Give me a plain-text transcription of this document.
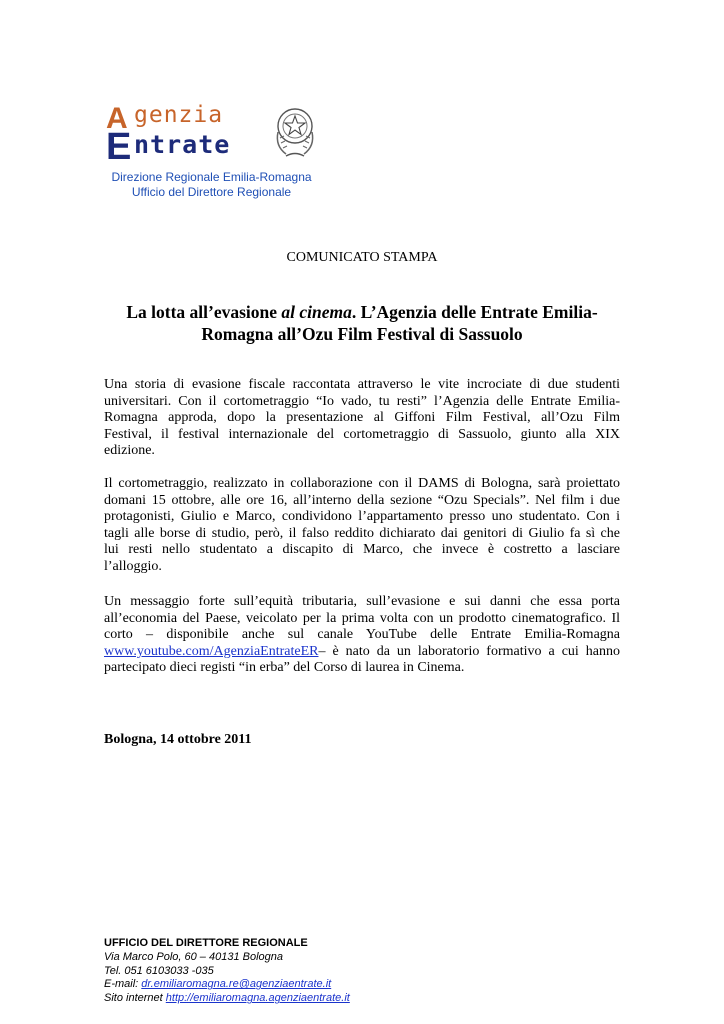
A genzia
E ntrate
Direzione Regionale Emilia-Romagna
Ufficio del Direttore Regionale
COMUNICATO STAMPA
La lotta all’evasione al cinema. L’Agenzia delle Entrate Emilia-
Romagna all’Ozu Film Festival di Sassuolo
Una storia di evasione fiscale raccontata attraverso le vite incrociate di due studenti
universitari. Con il cortometraggio “Io vado, tu resti” l’Agenzia delle Entrate Emilia-
Romagna approda, dopo la presentazione al Giffoni Film Festival, all’Ozu Film
Festival, il festival internazionale del cortometraggio di Sassuolo, giunto alla XIX
edizione.
Il cortometraggio, realizzato in collaborazione con il DAMS di Bologna, sarà proiettato
domani 15 ottobre, alle ore 16, all’interno della sezione “Ozu Specials”. Nel film i due
protagonisti, Giulio e Marco, condividono l’appartamento presso uno studentato. Con i
tagli alle borse di studio, però, il falso reddito dichiarato dai genitori di Giulio fa sì che
lui resti nello studentato a discapito di Marco, che invece è costretto a lasciare
l’alloggio.
Un messaggio forte sull’equità tributaria, sull’evasione e sui danni che essa porta
all’economia del Paese, veicolato per la prima volta con un prodotto cinematografico. Il
corto – disponibile anche sul canale YouTube delle Entrate Emilia-Romagna
www.youtube.com/AgenziaEntrateER– è nato da un laboratorio formativo a cui hanno
partecipato dieci registi “in erba” del Corso di laurea in Cinema.
Bologna, 14 ottobre 2011
UFFICIO DEL DIRETTORE REGIONALE
Via Marco Polo, 60 – 40131 Bologna
Tel. 051 6103033 -035
E-mail: dr.emiliaromagna.re@agenziaentrate.it
Sito internet http://emiliaromagna.agenziaentrate.it
